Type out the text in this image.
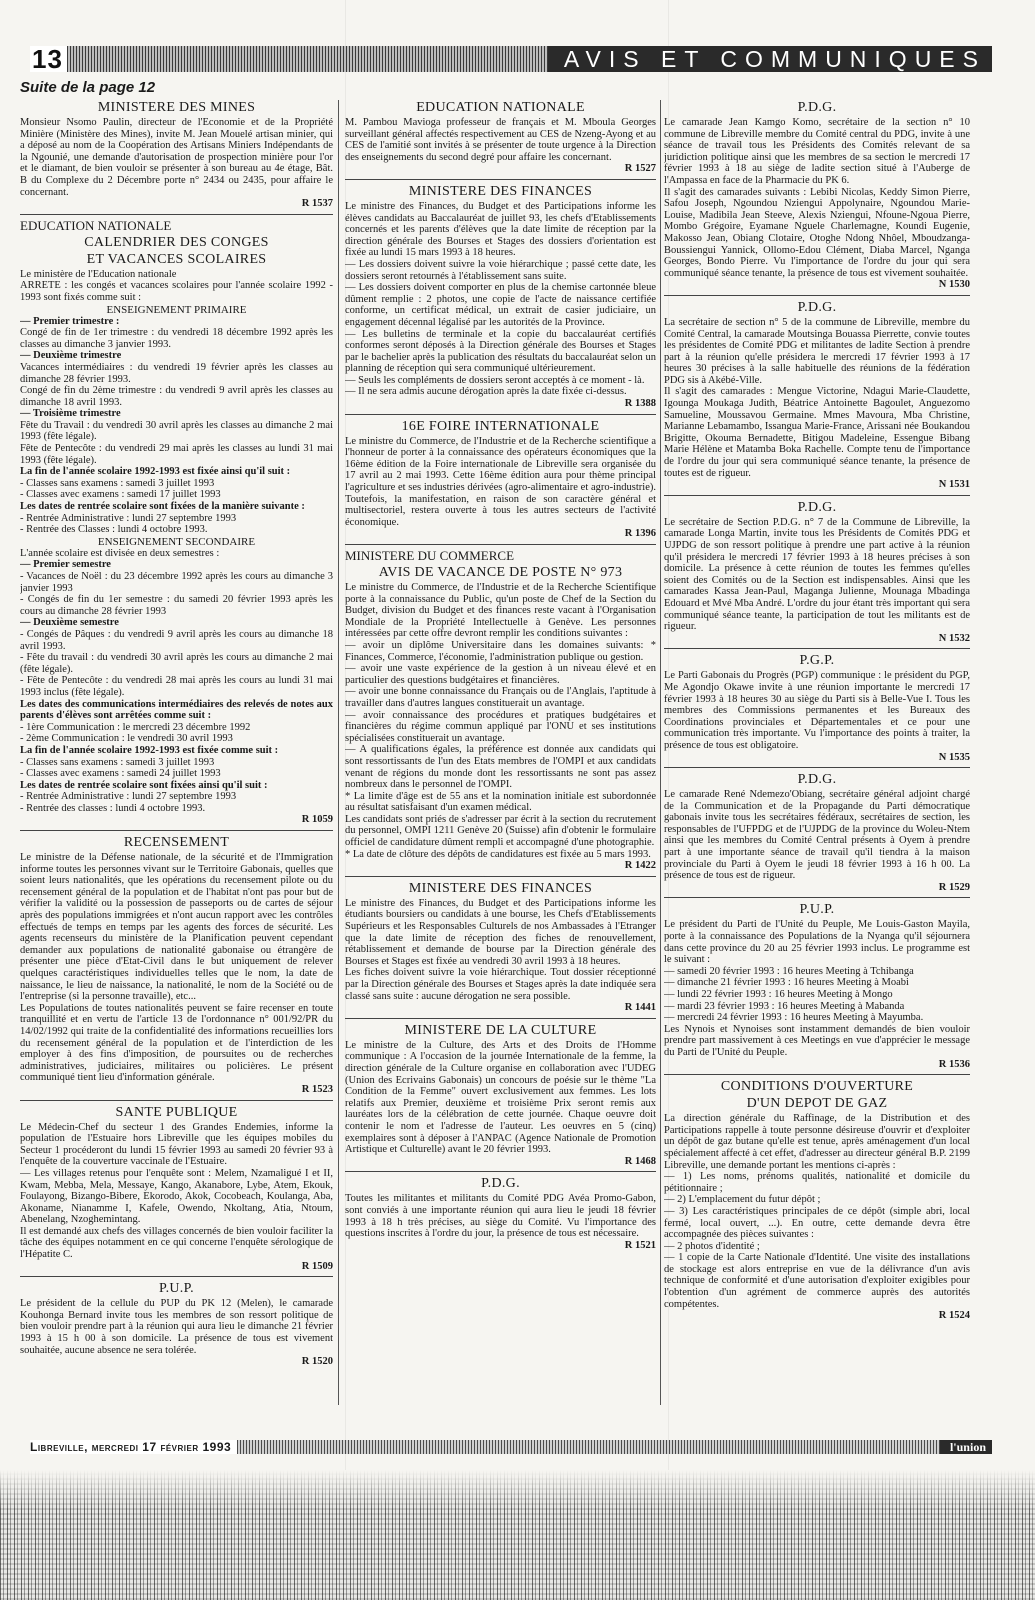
13	AVIS ET COMMUNIQUES
Suite de la page 12
MINISTERE DES MINES

Monsieur Nsomo Paulin, directeur de l'Economie et de la Propriété Minière (Ministère des Mines), invite M. Jean Mouelé artisan minier, qui a déposé au nom de la Coopération des Artisans Miniers Indépendants de la Ngounié, une demande d'autorisation de prospection minière pour l'or et le diamant, de bien vouloir se présenter à son bureau au 4e étage, Bât. B du Complexe du 2 Décembre porte n° 2434 ou 2435, pour affaire le concernant.

R 1537

EDUCATION NATIONALE
CALENDRIER DES CONGES
ET VACANCES SCOLAIRES

Le ministère de l'Education nationale

ARRETE : les congés et vacances scolaires pour l'année scolaire 1992 - 1993 sont fixés comme suit :

ENSEIGNEMENT PRIMAIRE

— Premier trimestre :

Congé de fin de 1er trimestre : du vendredi 18 décembre 1992 après les classes au dimanche 3 janvier 1993.

— Deuxième trimestre

Vacances intermédiaires : du vendredi 19 février après les classes au dimanche 28 février 1993.

Congé de fin du 2ème trimestre : du vendredi 9 avril après les classes au dimanche 18 avril 1993.

— Troisième trimestre

Fête du Travail : du vendredi 30 avril après les classes au dimanche 2 mai 1993 (fête légale).

Fête de Pentecôte : du vendredi 29 mai après les classes au lundi 31 mai 1993 (fête légale).

La fin de l'année scolaire 1992-1993 est fixée ainsi qu'il suit :

- Classes sans examens : samedi 3 juillet 1993

- Classes avec examens : samedi 17 juillet 1993

Les dates de rentrée scolaire sont fixées de la manière suivante :

- Rentrée Administrative : lundi 27 septembre 1993

- Rentrée des Classes : lundi 4 octobre 1993.

ENSEIGNEMENT SECONDAIRE

L'année scolaire est divisée en deux semestres :

— Premier semestre

- Vacances de Noël : du 23 décembre 1992 après les cours au dimanche 3 janvier 1993

- Congés de fin du 1er semestre : du samedi 20 février 1993 après les cours au dimanche 28 février 1993

— Deuxième semestre

- Congés de Pâques : du vendredi 9 avril après les cours au dimanche 18 avril 1993.

- Fête du travail : du vendredi 30 avril après les cours au dimanche 2 mai (fête légale).

- Fête de Pentecôte : du vendredi 28 mai après les cours au lundi 31 mai 1993 inclus (fête légale).

Les dates des communications intermédiaires des relevés de notes aux parents d'élèves sont arrêtées comme suit :

- 1ère Communication : le mercredi 23 décembre 1992

- 2ème Communication : le vendredi 30 avril 1993

La fin de l'année scolaire 1992-1993 est fixée comme suit :

- Classes sans examens : samedi 3 juillet 1993

- Classes avec examens : samedi 24 juillet 1993

Les dates de rentrée scolaire sont fixées ainsi qu'il suit :

- Rentrée Administrative : lundi 27 septembre 1993

- Rentrée des classes : lundi 4 octobre 1993.

R 1059

RECENSEMENT

Le ministre de la Défense nationale, de la sécurité et de l'Immigration informe toutes les personnes vivant sur le Territoire Gabonais, quelles que soient leurs nationalités, que les opérations du recensement pilote ou du recensement général de la population et de l'habitat n'ont pas pour but de vérifier la validité ou la possession de passeports ou de cartes de séjour après des populations immigrées et n'ont aucun rapport avec les contrôles effectués de temps en temps par les agents des forces de sécurité. Les agents recenseurs du ministère de la Planification peuvent cependant demander aux populations de nationalité gabonaise ou étrangère de présenter une pièce d'Etat-Civil dans le but uniquement de relever quelques caractéristiques individuelles telles que le nom, la date de naissance, le lieu de naissance, la nationalité, le nom de la Société ou de l'entreprise (si la personne travaille), etc...

Les Populations de toutes nationalités peuvent se faire recenser en toute tranquillité et en vertu de l'article 13 de l'ordonnance n° 001/92/PR du 14/02/1992 qui traite de la confidentialité des informations recueillies lors du recensement général de la population et de l'interdiction de les employer à des fins d'imposition, de poursuites ou de recherches administratives, judiciaires, militaires ou policières. Le présent communiqué tient lieu d'information générale.

R 1523

SANTE PUBLIQUE

Le Médecin-Chef du secteur 1 des Grandes Endemies, informe la population de l'Estuaire hors Libreville que les équipes mobiles du Secteur 1 procéderont du lundi 15 février 1993 au samedi 20 février 93 à l'enquête de la couverture vaccinale de l'Estuaire.

— Les villages retenus pour l'enquête sont : Melem, Nzamaligué I et II, Kwam, Mebba, Mela, Messaye, Kango, Akanabore, Lybe, Atem, Ekouk, Foulayong, Bizango-Bibere, Ekorodo, Akok, Cocobeach, Koulanga, Aba, Akoname, Nianamme I, Kafele, Owendo, Nkoltang, Atia, Ntoum, Abenelang, Nzoghemintang.

Il est demandé aux chefs des villages concernés de bien vouloir faciliter la tâche des équipes notamment en ce qui concerne l'enquête sérologique de l'Hépatite C.

R 1509

P.U.P.

Le président de la cellule du PUP du PK 12 (Melen), le camarade Kouhonga Bernard invite tous les membres de son ressort politique de bien vouloir prendre part à la réunion qui aura lieu le dimanche 21 février 1993 à 15 h 00 à son domicile. La présence de tous est vivement souhaitée, aucune absence ne sera tolérée.

R 1520

EDUCATION NATIONALE

M. Pambou Mavioga professeur de français et M. Mboula Georges surveillant général affectés respectivement au CES de Nzeng-Ayong et au CES de l'amitié sont invités à se présenter de toute urgence à la Direction des enseignements du second degré pour affaire les concernant.

R 1527

MINISTERE DES FINANCES

Le ministre des Finances, du Budget et des Participations informe les élèves candidats au Baccalauréat de juillet 93, les chefs d'Etablissements concernés et les parents d'élèves que la date limite de réception par la direction générale des Bourses et Stages des dossiers d'orientation est fixée au lundi 15 mars 1993 à 18 heures.

— Les dossiers doivent suivre la voie hiérarchique ; passé cette date, les dossiers seront retournés à l'établissement sans suite.

— Les dossiers doivent comporter en plus de la chemise cartonnée bleue dûment remplie : 2 photos, une copie de l'acte de naissance certifiée conforme, un certificat médical, un extrait de casier judiciaire, un engagement décennal légalisé par les autorités de la Province.

— Les bulletins de terminale et la copie du baccalauréat certifiés conformes seront déposés à la Direction générale des Bourses et Stages par le bachelier après la publication des résultats du baccalauréat selon un planning de réception qui sera communiqué ultérieurement.

— Seuls les compléments de dossiers seront acceptés à ce moment - là.

— Il ne sera admis aucune dérogation après la date fixée ci-dessus.

R 1388

16E FOIRE INTERNATIONALE

Le ministre du Commerce, de l'Industrie et de la Recherche scientifique a l'honneur de porter à la connaissance des opérateurs économiques que la 16ème édition de la Foire internationale de Libreville sera organisée du 17 avril au 2 mai 1993. Cette 16ème édition aura pour thème principal l'agriculture et ses industries dérivées (agro-alimentaire et agro-industrie). Toutefois, la manifestation, en raison de son caractère général et multisectoriel, restera ouverte à tous les autres secteurs de l'activité économique.

R 1396

MINISTERE DU COMMERCE
AVIS DE VACANCE DE POSTE N° 973

Le ministre du Commerce, de l'Industrie et de la Recherche Scientifique porte à la connaissance du Public, qu'un poste de Chef de la Section du Budget, division du Budget et des finances reste vacant à l'Organisation Mondiale de la Propriété Intellectuelle à Genève. Les personnes intéressées par cette offre devront remplir les conditions suivantes :

— avoir un diplôme Universitaire dans les domaines suivants: * Finances, Commerce, l'économie, l'administration publique ou gestion.

— avoir une vaste expérience de la gestion à un niveau élevé et en particulier des questions budgétaires et financières.

— avoir une bonne connaissance du Français ou de l'Anglais, l'aptitude à travailler dans d'autres langues constituerait un avantage.

— avoir connaissance des procédures et pratiques budgétaires et financières du régime commun appliqué par l'ONU et ses institutions spécialisées constituerait un avantage.

— A qualifications égales, la préférence est donnée aux candidats qui sont ressortissants de l'un des Etats membres de l'OMPI et aux candidats venant de régions du monde dont les ressortissants ne sont pas assez nombreux dans le personnel de l'OMPI.

* La limite d'âge est de 55 ans et la nomination initiale est subordonnée au résultat satisfaisant d'un examen médical.

Les candidats sont priés de s'adresser par écrit à la section du recrutement du personnel, OMPI 1211 Genève 20 (Suisse) afin d'obtenir le formulaire officiel de candidature dûment rempli et accompagné d'une photographie.

* La date de clôture des dépôts de candidatures est fixée au 5 mars 1993.

R 1422

MINISTERE DES FINANCES

Le ministre des Finances, du Budget et des Participations informe les étudiants boursiers ou candidats à une bourse, les Chefs d'Etablissements Supérieurs et les Responsables Culturels de nos Ambassades à l'Etranger que la date limite de réception des fiches de renouvellement, rétablissement et demande de bourse par la Direction générale des Bourses et Stages est fixée au vendredi 30 avril 1993 à 18 heures.

Les fiches doivent suivre la voie hiérarchique. Tout dossier réceptionné par la Direction générale des Bourses et Stages après la date indiquée sera classé sans suite : aucune dérogation ne sera possible.

R 1441

MINISTERE DE LA CULTURE

Le ministre de la Culture, des Arts et des Droits de l'Homme communique : A l'occasion de la journée Internationale de la femme, la direction générale de la Culture organise en collaboration avec l'UDEG (Union des Ecrivains Gabonais) un concours de poésie sur le thème "La Condition de la Femme" ouvert exclusivement aux femmes. Les lots relatifs aux Premier, deuxième et troisième Prix seront remis aux lauréates lors de la célébration de cette journée. Chaque oeuvre doit contenir le nom et l'adresse de l'auteur. Les oeuvres en 5 (cinq) exemplaires sont à déposer à l'ANPAC (Agence Nationale de Promotion Artistique et Culturelle) avant le 20 février 1993.

R 1468

P.D.G.

Toutes les militantes et militants du Comité PDG Avéa Promo-Gabon, sont conviés à une importante réunion qui aura lieu le jeudi 18 février 1993 à 18 h très précises, au siège du Comité. Vu l'importance des questions inscrites à l'ordre du jour, la présence de tous est nécessaire.

R 1521

P.D.G.

Le camarade Jean Kamgo Komo, secrétaire de la section n° 10 commune de Libreville membre du Comité central du PDG, invite à une séance de travail tous les Présidents des Comités relevant de sa juridiction politique ainsi que les membres de sa section le mercredi 17 février 1993 à 18 au siège de ladite section situé à l'Auberge de l'Ampassa en face de la Pharmacie du PK 6.

Il s'agit des camarades suivants : Lebibi Nicolas, Keddy Simon Pierre, Safou Joseph, Ngoundou Nziengui Appolynaire, Ngoundou Marie-Louise, Madibila Jean Steeve, Alexis Nziengui, Nfoune-Ngoua Pierre, Mombo Grégoire, Eyamane Nguele Charlemagne, Koundi Eugenie, Makosso Jean, Obiang Clotaire, Otoghe Ndong Nhôel, Mboudzanga-Boussiengui Yannick, Ollomo-Edou Clément, Diaba Marcel, Nganga Georges, Bondo Pierre. Vu l'importance de l'ordre du jour qui sera communiqué séance tenante, la présence de tous est vivement souhaitée.

N 1530

P.D.G.

La secrétaire de section n° 5 de la commune de Libreville, membre du Comité Central, la camarade Moutsinga Bouassa Pierrette, convie toutes les présidentes de Comité PDG et militantes de ladite Section à prendre part à la réunion qu'elle présidera le mercredi 17 février 1993 à 17 heures 30 précises à la salle habituelle des réunions de la fédération PDG sis à Akébé-Ville.

Il s'agit des camarades : Mengue Victorine, Ndagui Marie-Claudette, Igounga Moukaga Judith, Béatrice Antoinette Bagoulet, Anguezomo Samueline, Moussavou Germaine. Mmes Mavoura, Mba Christine, Marianne Lebamambo, Issangua Marie-France, Arissani née Boukandou Brigitte, Okouma Bernadette, Bitigou Madeleine, Essengue Bibang Marie Hélène et Matamba Boka Rachelle. Compte tenu de l'importance de l'ordre du jour qui sera communiqué séance tenante, la présence de toutes est de rigueur.

N 1531

P.D.G.

Le secrétaire de Section P.D.G. n° 7 de la Commune de Libreville, la camarade Longa Martin, invite tous les Présidents de Comités PDG et UJPDG de son ressort politique à prendre une part active à la réunion qu'il présidera le mercredi 17 février 1993 à 18 heures précises à son domicile. La présence à cette réunion de toutes les femmes qu'elles soient des Comités ou de la Section est indispensables. Ainsi que les camarades Kassa Jean-Paul, Maganga Julienne, Mounaga Mbadinga Edouard et Mvé Mba André. L'ordre du jour étant très important qui sera communiqué séance teante, la participation de tout les militants est de rigueur.

N 1532

P.G.P.

Le Parti Gabonais du Progrès (PGP) communique : le président du PGP, Me Agondjo Okawe invite à une réunion importante le mercredi 17 février 1993 à 18 heures 30 au siège du Parti sis à Belle-Vue I. Tous les membres des Commissions permanentes et les Bureaux des Coordinations provinciales et Départementales et ce pour une communication très importante. Vu l'importance des points à traiter, la présence de tous est obligatoire.

N 1535

P.D.G.

Le camarade René Ndemezo'Obiang, secrétaire général adjoint chargé de la Communication et de la Propagande du Parti démocratique gabonais invite tous les secrétaires fédéraux, secrétaires de section, les responsables de l'UFPDG et de l'UJPDG de la province du Woleu-Ntem ainsi que les membres du Comité Central présents à Oyem à prendre part à une importante séance de travail qu'il tiendra à la maison provinciale du Parti à Oyem le jeudi 18 février 1993 à 16 h 00. La présence de tous est de rigueur.

R 1529

P.U.P.

Le président du Parti de l'Unité du Peuple, Me Louis-Gaston Mayila, porte à la connaissance des Populations de la Nyanga qu'il séjournera dans cette province du 20 au 25 février 1993 inclus. Le programme est le suivant :

— samedi 20 février 1993 : 16 heures Meeting à Tchibanga

— dimanche 21 février 1993 : 16 heures Meeting à Moabi

— lundi 22 février 1993 : 16 heures Meeting à Mongo

— mardi 23 février 1993 : 16 heures Meeting à Mabanda

— mercredi 24 février 1993 : 16 heures Meeting à Mayumba.

Les Nynois et Nynoises sont instamment demandés de bien vouloir prendre part massivement à ces Meetings en vue d'apprécier le message du Parti de l'Unité du Peuple.

R 1536

CONDITIONS D'OUVERTURE
D'UN DEPOT DE GAZ

La direction générale du Raffinage, de la Distribution et des Participations rappelle à toute personne désireuse d'ouvrir et d'exploiter un dépôt de gaz butane qu'elle est tenue, après aménagement d'un local spécialement affecté à cet effet, d'adresser au directeur général B.P. 2199 Libreville, une demande portant les mentions ci-après :

— 1) Les noms, prénoms qualités, nationalité et domicile du pétitionnaire ;

— 2) L'emplacement du futur dépôt ;

— 3) Les caractéristiques principales de ce dépôt (simple abri, local fermé, local ouvert, ...). En outre, cette demande devra être accompagnée des pièces suivantes :

— 2 photos d'identité ;

— 1 copie de la Carte Nationale d'Identité. Une visite des installations de stockage est alors entreprise en vue de la délivrance d'un avis technique de conformité et d'une autorisation d'exploiter exigibles pour l'obtention d'un agrément de commerce auprès des autorités compétentes.

R 1524

Libreville, mercredi 17 février 1993	l'union
